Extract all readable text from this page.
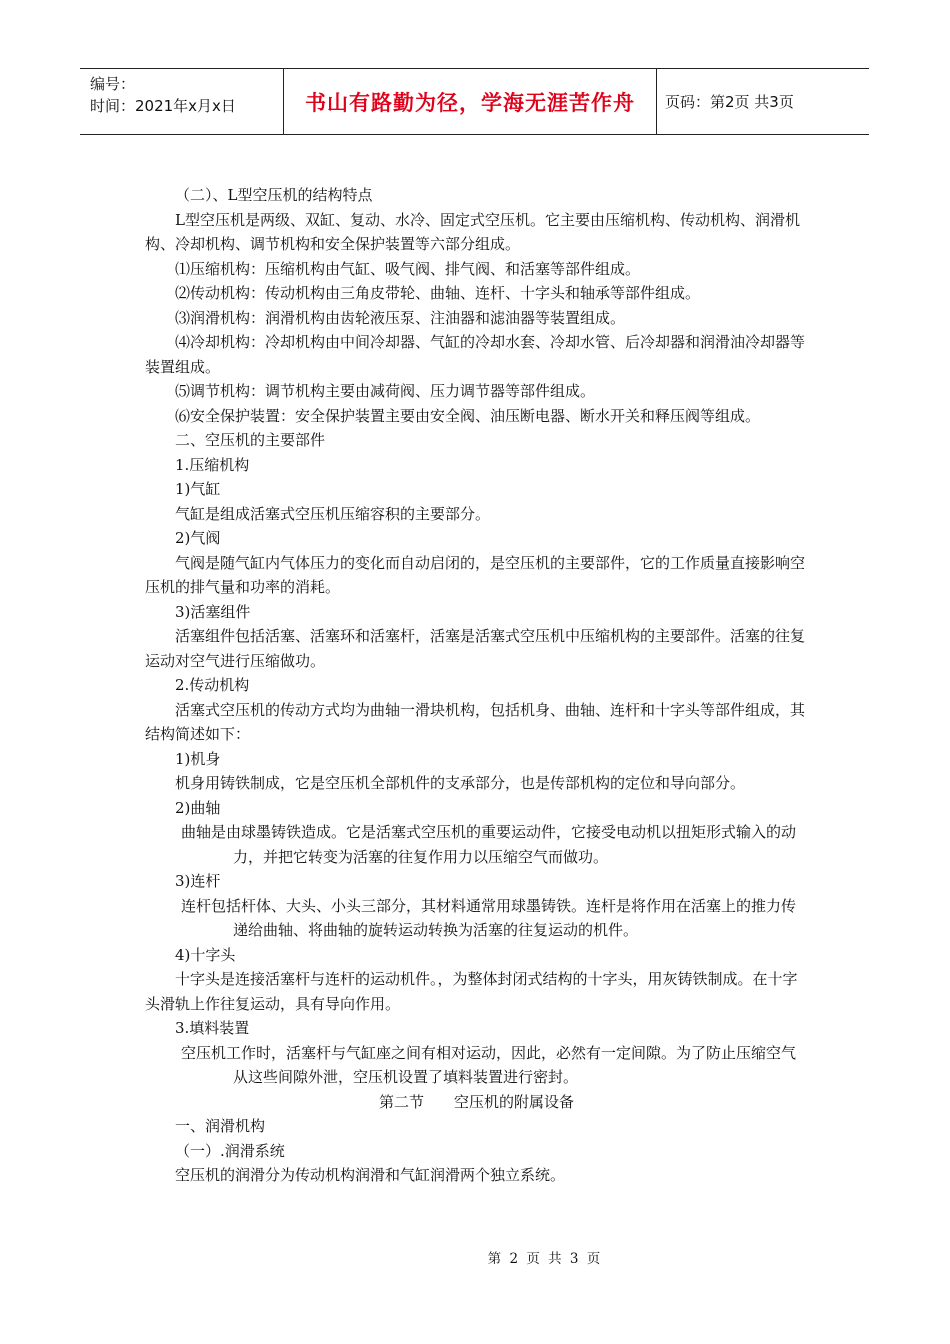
编号：
时间：2021年x月x日	书山有路勤为径，学海无涯苦作舟	页码：第2页 共3页

（二）、L型空压机的结构特点

L型空压机是两级、双缸、复动、水冷、固定式空压机。它主要由压缩机构、传动机构、润滑机构、冷却机构、调节机构和安全保护装置等六部分组成。

⑴压缩机构：压缩机构由气缸、吸气阀、排气阀、和活塞等部件组成。

⑵传动机构：传动机构由三角皮带轮、曲轴、连杆、十字头和轴承等部件组成。

⑶润滑机构：润滑机构由齿轮液压泵、注油器和滤油器等装置组成。

⑷冷却机构：冷却机构由中间冷却器、气缸的冷却水套、冷却水管、后冷却器和润滑油冷却器等装置组成。

⑸调节机构：调节机构主要由减荷阀、压力调节器等部件组成。

⑹安全保护装置：安全保护装置主要由安全阀、油压断电器、断水开关和释压阀等组成。

二、空压机的主要部件

1.压缩机构

1)气缸

气缸是组成活塞式空压机压缩容积的主要部分。

2)气阀

气阀是随气缸内气体压力的变化而自动启闭的，是空压机的主要部件，它的工作质量直接影响空压机的排气量和功率的消耗。

3)活塞组件

活塞组件包括活塞、活塞环和活塞杆，活塞是活塞式空压机中压缩机构的主要部件。活塞的往复运动对空气进行压缩做功。

2.传动机构

活塞式空压机的传动方式均为曲轴一滑块机构，包括机身、曲轴、连杆和十字头等部件组成，其结构简述如下：

1)机身

机身用铸铁制成，它是空压机全部机件的支承部分，也是传部机构的定位和导向部分。

2)曲轴

曲轴是由球墨铸铁造成。它是活塞式空压机的重要运动件，它接受电动机以扭矩形式输入的动力，并把它转变为活塞的往复作用力以压缩空气而做功。

3)连杆

连杆包括杆体、大头、小头三部分，其材料通常用球墨铸铁。连杆是将作用在活塞上的推力传递给曲轴、将曲轴的旋转运动转换为活塞的往复运动的机件。

4)十字头

十字头是连接活塞杆与连杆的运动机件。，为整体封闭式结构的十字头，用灰铸铁制成。在十字头滑轨上作往复运动，具有导向作用。

3.填料装置

空压机工作时，活塞杆与气缸座之间有相对运动，因此，必然有一定间隙。为了防止压缩空气从这些间隙外泄，空压机设置了填料装置进行密封。

第二节 空压机的附属设备

一、润滑机构

（一）.润滑系统

空压机的润滑分为传动机构润滑和气缸润滑两个独立系统。

第 2 页 共 3 页
